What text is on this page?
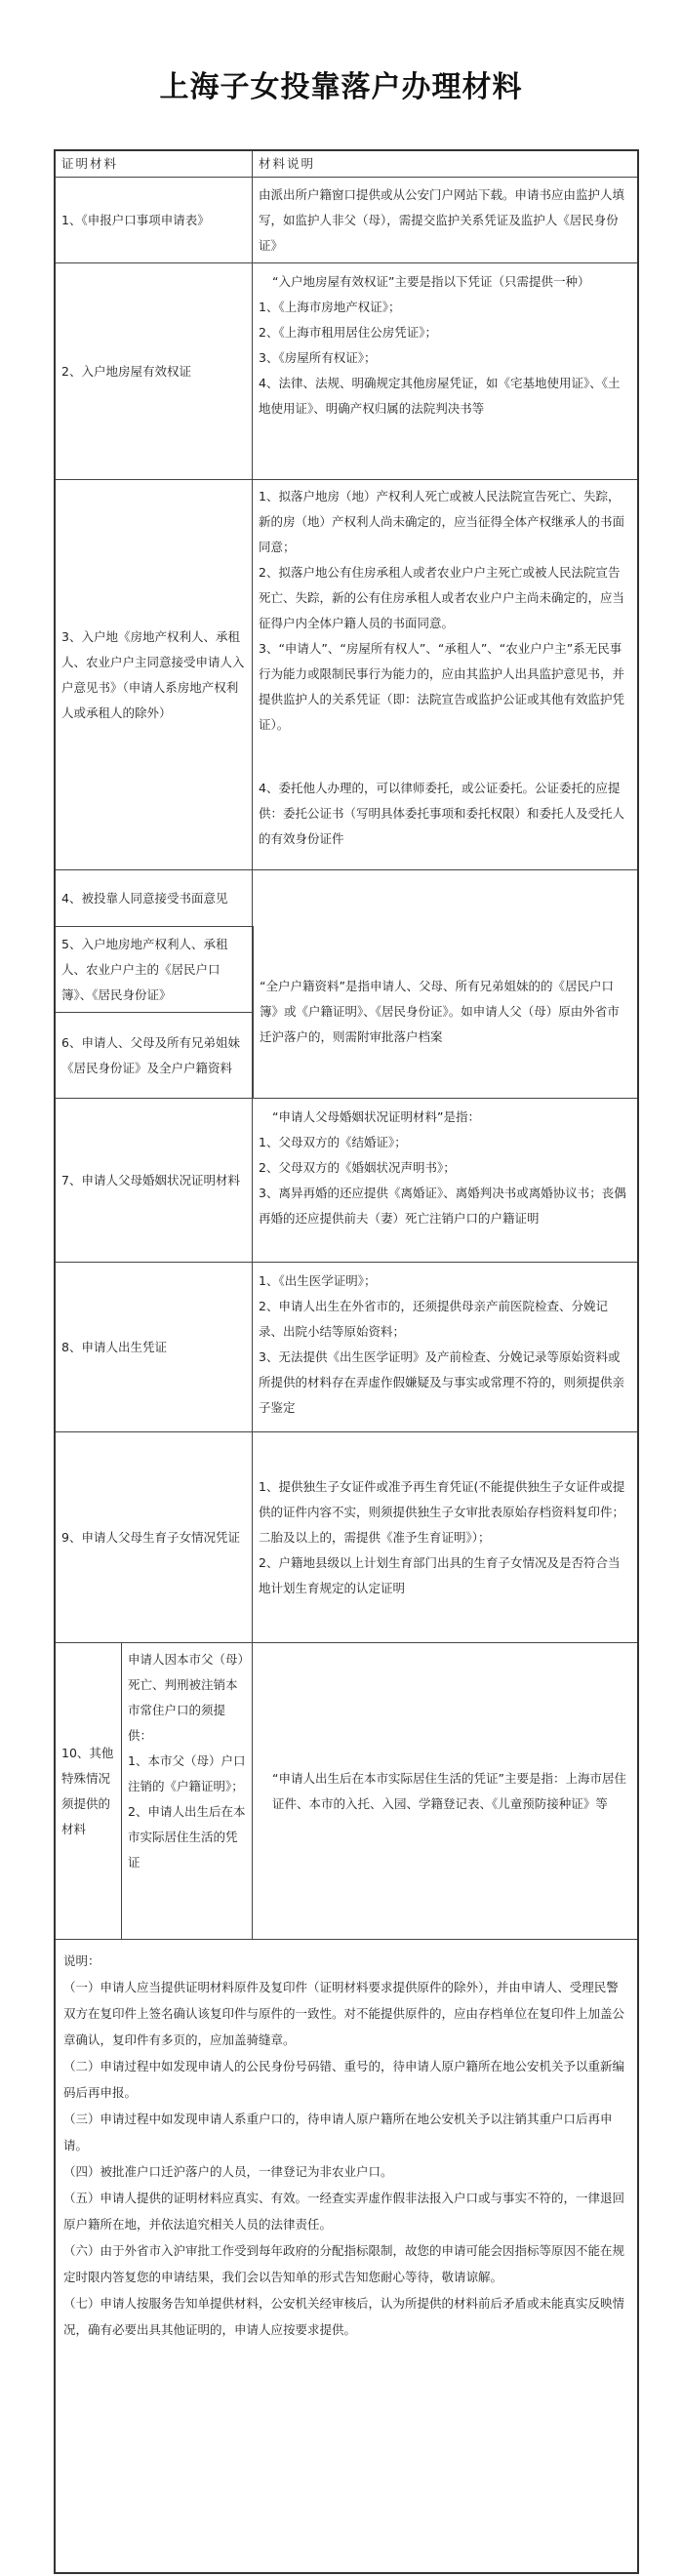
上海子女投靠落户办理材料
证明材料	材料说明
1、《申报户口事项申请表》
由派出所户籍窗口提供或从公安门户网站下载。申请书应由监护人填写，如监护人非父（母），需提交监护关系凭证及监护人《居民身份证》
2、入户地房屋有效权证
“入户地房屋有效权证”主要是指以下凭证（只需提供一种）
1、《上海市房地产权证》；
2、《上海市租用居住公房凭证》；
3、《房屋所有权证》；
4、法律、法规、明确规定其他房屋凭证，如《宅基地使用证》、《土地使用证》、明确产权归属的法院判决书等
3、入户地《房地产权利人、承租人、农业户户主同意接受申请人入户意见书》（申请人系房地产权利人或承租人的除外）
1、拟落户地房（地）产权利人死亡或被人民法院宣告死亡、失踪，新的房（地）产权利人尚未确定的，应当征得全体产权继承人的书面同意；
2、拟落户地公有住房承租人或者农业户户主死亡或被人民法院宣告死亡、失踪，新的公有住房承租人或者农业户户主尚未确定的，应当征得户内全体户籍人员的书面同意。
3、“申请人”、“房屋所有权人”、“承租人”、“农业户户主”系无民事行为能力或限制民事行为能力的，应由其监护人出具监护意见书，并提供监护人的关系凭证（即：法院宣告或监护公证或其他有效监护凭证）。
4、被投靠人同意接受书面意见
4、委托他人办理的，可以律师委托，或公证委托。公证委托的应提供：委托公证书（写明具体委托事项和委托权限）和委托人及受托人的有效身份证件
5、入户地房地产权利人、承租人、农业户户主的《居民户口簿》、《居民身份证》
6、申请人、父母及所有兄弟姐妹《居民身份证》及全户户籍资料
“全户户籍资料”是指申请人、父母、所有兄弟姐妹的的《居民户口簿》或《户籍证明》、《居民身份证》。如申请人父（母）原由外省市迁沪落户的，则需附审批落户档案
7、申请人父母婚姻状况证明材料
“申请人父母婚姻状况证明材料”是指：
1、父母双方的《结婚证》；
2、父母双方的《婚姻状况声明书》；
3、离异再婚的还应提供《离婚证》、离婚判决书或离婚协议书；丧偶再婚的还应提供前夫（妻）死亡注销户口的户籍证明
8、申请人出生凭证
1、《出生医学证明》；
2、申请人出生在外省市的，还须提供母亲产前医院检查、分娩记录、出院小结等原始资料；
3、无法提供《出生医学证明》及产前检查、分娩记录等原始资料或所提供的材料存在弄虚作假嫌疑及与事实或常理不符的，则须提供亲子鉴定
9、申请人父母生育子女情况凭证
1、提供独生子女证件或准予再生育凭证(不能提供独生子女证件或提供的证件内容不实，则须提供独生子女审批表原始存档资料复印件；二胎及以上的，需提供《准予生育证明》）；
2、户籍地县级以上计划生育部门出具的生育子女情况及是否符合当地计划生育规定的认定证明
10、其他特殊情况须提供的材料
申请人因本市父（母）死亡、判刑被注销本市常住户口的须提供：
1、本市父（母）户口注销的《户籍证明》；
2、申请人出生后在本市实际居住生活的凭证
“申请人出生后在本市实际居住生活的凭证”主要是指：上海市居住证件、本市的入托、入园、学籍登记表、《儿童预防接种证》等
说明：
（一）申请人应当提供证明材料原件及复印件（证明材料要求提供原件的除外），并由申请人、受理民警双方在复印件上签名确认该复印件与原件的一致性。对不能提供原件的，应由存档单位在复印件上加盖公章确认，复印件有多页的，应加盖骑缝章。
（二）申请过程中如发现申请人的公民身份号码错、重号的，待申请人原户籍所在地公安机关予以重新编码后再申报。
（三）申请过程中如发现申请人系重户口的，待申请人原户籍所在地公安机关予以注销其重户口后再申请。
（四）被批准户口迁沪落户的人员，一律登记为非农业户口。
（五）申请人提供的证明材料应真实、有效。一经查实弄虚作假非法报入户口或与事实不符的，一律退回原户籍所在地，并依法追究相关人员的法律责任。
（六）由于外省市入沪审批工作受到每年政府的分配指标限制，故您的申请可能会因指标等原因不能在规定时限内答复您的申请结果，我们会以告知单的形式告知您耐心等待，敬请谅解。
（七）申请人按服务告知单提供材料，公安机关经审核后，认为所提供的材料前后矛盾或未能真实反映情况，确有必要出具其他证明的，申请人应按要求提供。
